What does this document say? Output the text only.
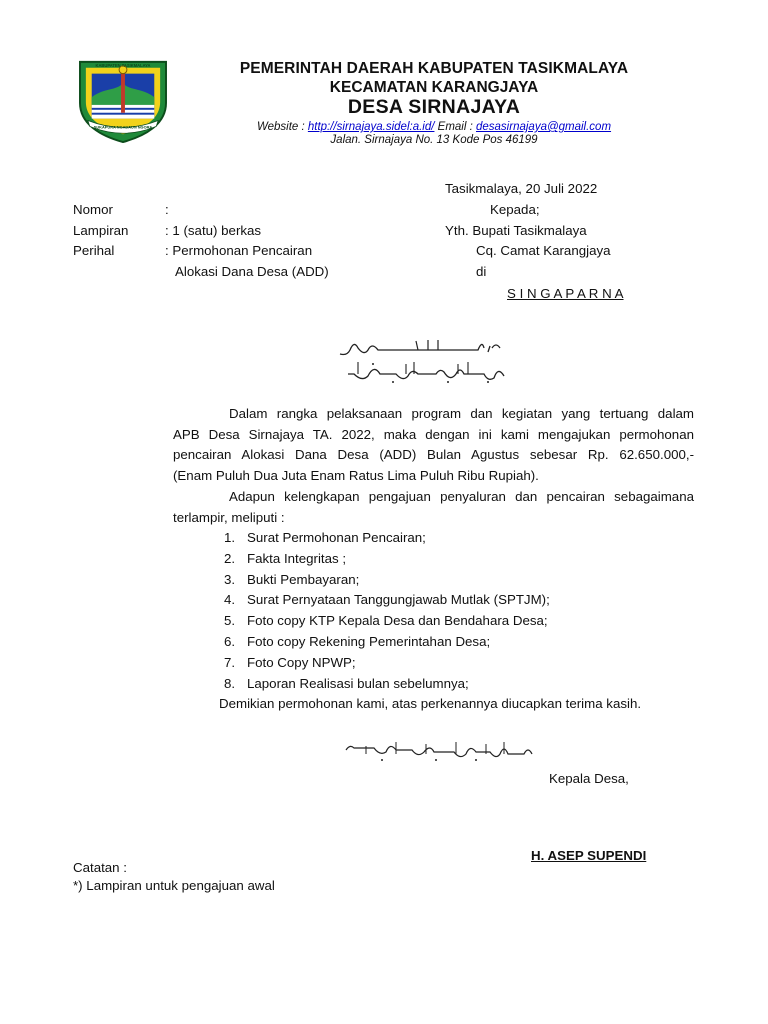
SUKAPURA NGADAUN NGORA
KABUPATEN TASIKMALAYA	PEMERINTAH DAERAH KABUPATEN TASIKMALAYA
KECAMATAN KARANGJAYA
DESA SIRNAJAYA
Website : http://sirnajaya.sidel:a.id/ Email : desasirnajaya@gmail.com
Jalan. Sirnajaya No. 13 Kode Pos 46199
Tasikmalaya, 20 Juli 2022
Nomor	:
Lampiran	: 1 (satu) berkas
Perihal	: Permohonan Pencairan
Alokasi Dana Desa (ADD)
Kepada;
Yth. Bupati Tasikmalaya
Cq. Camat Karangjaya
di
S I N G A P A R N A
Dalam rangka pelaksanaan program dan kegiatan yang tertuang dalam
APB Desa Sirnajaya TA. 2022, maka dengan ini kami mengajukan permohonan
pencairan Alokasi Dana Desa (ADD) Bulan Agustus sebesar Rp. 62.650.000,-
(Enam Puluh Dua Juta Enam Ratus Lima Puluh Ribu Rupiah).
Adapun kelengkapan pengajuan penyaluran dan pencairan sebagaimana
terlampir, meliputi :
1. Surat Permohonan Pencairan;
2. Fakta Integritas ;
3. Bukti Pembayaran;
4. Surat Pernyataan Tanggungjawab Mutlak (SPTJM);
5. Foto copy KTP Kepala Desa dan Bendahara Desa;
6. Foto copy Rekening Pemerintahan Desa;
7. Foto Copy NPWP;
8. Laporan Realisasi bulan sebelumnya;
Demikian permohonan kami, atas perkenannya diucapkan terima kasih.
Kepala Desa,
H. ASEP SUPENDI
Catatan :
*) Lampiran untuk pengajuan awal
